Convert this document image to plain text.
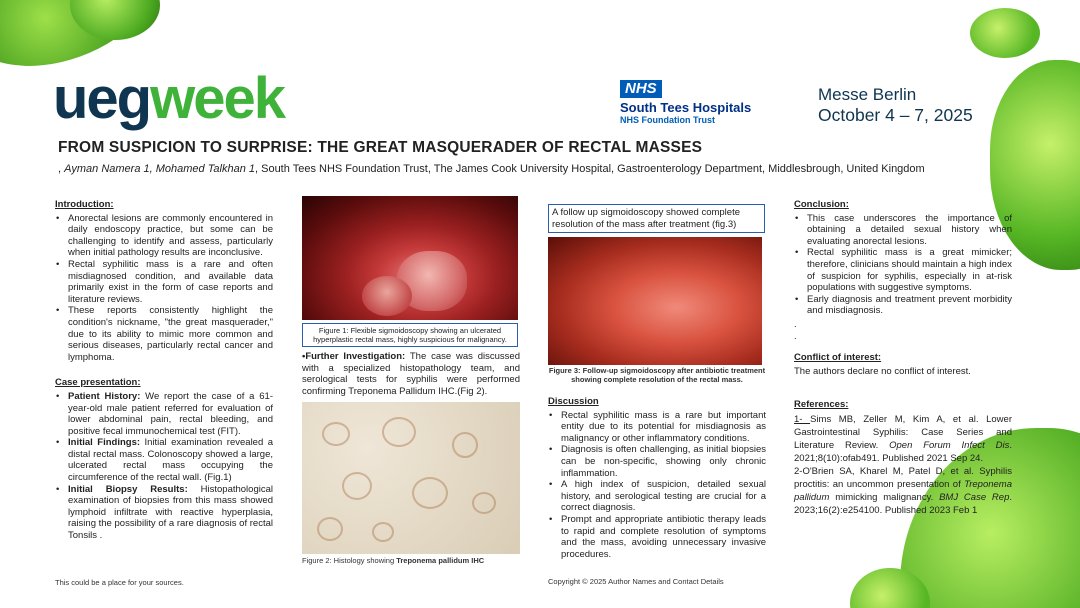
uegweek	NHS
South Tees Hospitals
NHS Foundation Trust
Messe Berlin
October 4 – 7, 2025
FROM SUSPICION TO SURPRISE: THE GREAT MASQUERADER OF RECTAL MASSES
, Ayman Namera 1, Mohamed Talkhan 1, South Tees NHS Foundation Trust, The James Cook University Hospital, Gastroenterology Department, Middlesbrough, United Kingdom
Introduction:
• Anorectal lesions are commonly encountered in daily endoscopy practice, but some can be challenging to identify and assess, particularly when initial pathology results are inconclusive.
• Rectal syphilitic mass is a rare and often misdiagnosed condition, and available data primarily exist in the form of case reports and literature reviews.
• These reports consistently highlight the condition's nickname, "the great masquerader," due to its ability to mimic more common and serious diseases, particularly rectal cancer and lymphoma.
Case presentation:
• Patient History: We report the case of a 61-year-old male patient referred for evaluation of lower abdominal pain, rectal bleeding, and positive fecal immunochemical test (FIT).
• Initial Findings: Initial examination revealed a distal rectal mass. Colonoscopy showed a large, ulcerated rectal mass occupying the circumference of the rectal wall. (Fig.1)
• Initial Biopsy Results: Histopathological examination of biopsies from this mass showed lymphoid infiltrate with reactive hyperplasia, raising the possibility of a rare diagnosis of rectal Tonsils .
Figure 1: Flexible sigmoidoscopy showing an ulcerated hyperplastic rectal mass, highly suspicious for malignancy.

•Further Investigation: The case was discussed with a specialized histopathology team, and serological tests for syphilis were performed confirming Treponema Pallidum IHC.(Fig 2).

Figure 2: Histology showing Treponema pallidum IHC
A follow up sigmoidoscopy showed complete resolution of the mass after treatment (fig.3)
Figure 3: Follow-up sigmoidoscopy after antibiotic treatment showing complete resolution of the rectal mass.
Discussion
• Rectal syphilitic mass is a rare but important entity due to its potential for misdiagnosis as malignancy or other inflammatory conditions.
• Diagnosis is often challenging, as initial biopsies can be non-specific, showing only chronic inflammation.
• A high index of suspicion, detailed sexual history, and serological testing are crucial for a correct diagnosis.
• Prompt and appropriate antibiotic therapy leads to rapid and complete resolution of symptoms and the mass, avoiding unnecessary invasive procedures.
Conclusion:
• This case underscores the importance of obtaining a detailed sexual history when evaluating anorectal lesions.
• Rectal syphilitic mass is a great mimicker; therefore, clinicians should maintain a high index of suspicion for syphilis, especially in at-risk populations with suggestive symptoms.
• Early diagnosis and treatment prevent morbidity and misdiagnosis.
.
.
Conflict of interest:

The authors declare no conflict of interest.

References:

1- Sims MB, Zeller M, Kim A, et al. Lower Gastrointestinal Syphilis: Case Series and Literature Review. Open Forum Infect Dis. 2021;8(10):ofab491. Published 2021 Sep 24.

2-O'Brien SA, Kharel M, Patel D, et al. Syphilis proctitis: an uncommon presentation of Treponema pallidum mimicking malignancy. BMJ Case Rep. 2023;16(2):e254100. Published 2023 Feb 1

This could be a place for your sources.	Copyright © 2025 Author Names and Contact Details
